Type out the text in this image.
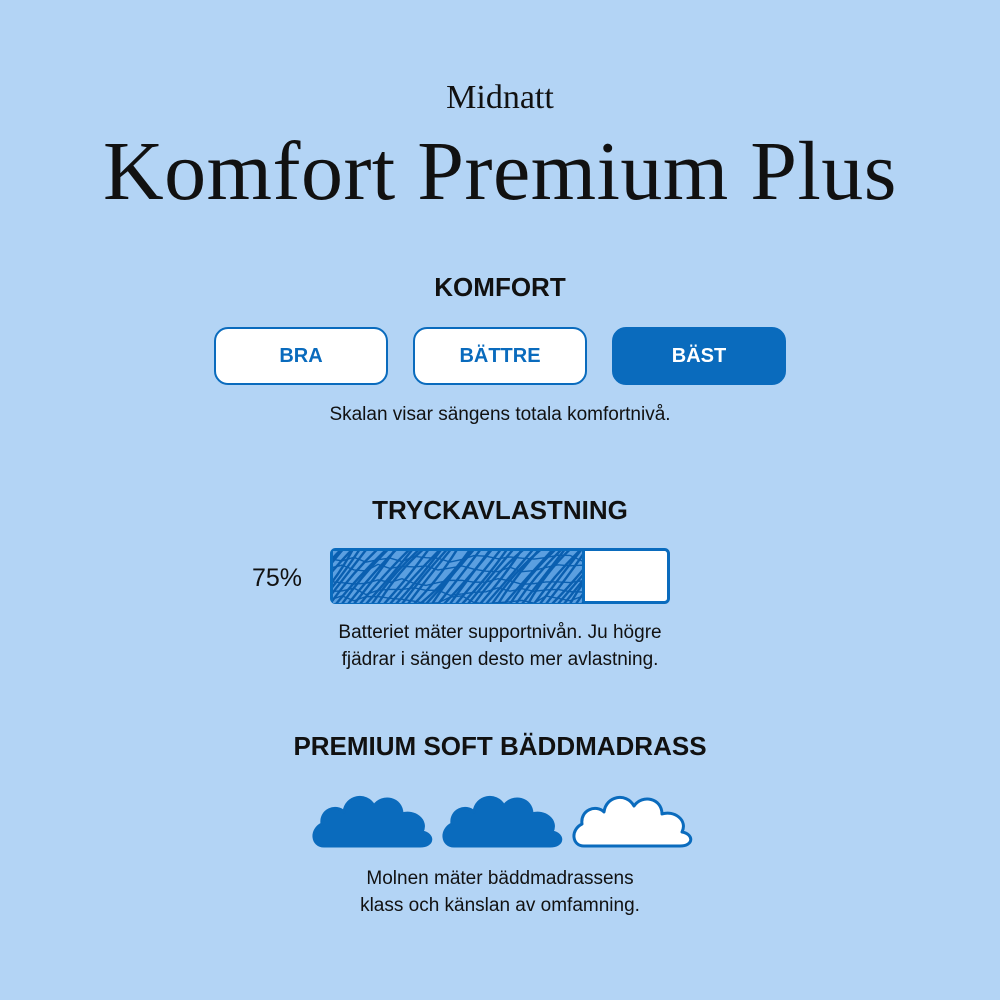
Midnatt
Komfort Premium Plus
KOMFORT
BRA	BÄTTRE	BÄST
Skalan visar sängens totala komfortnivå.
TRYCKAVLASTNING
75%
Batteriet mäter supportnivån. Ju högre
fjädrar i sängen desto mer avlastning.
PREMIUM SOFT BÄDDMADRASS
Molnen mäter bäddmadrassens
klass och känslan av omfamning.
